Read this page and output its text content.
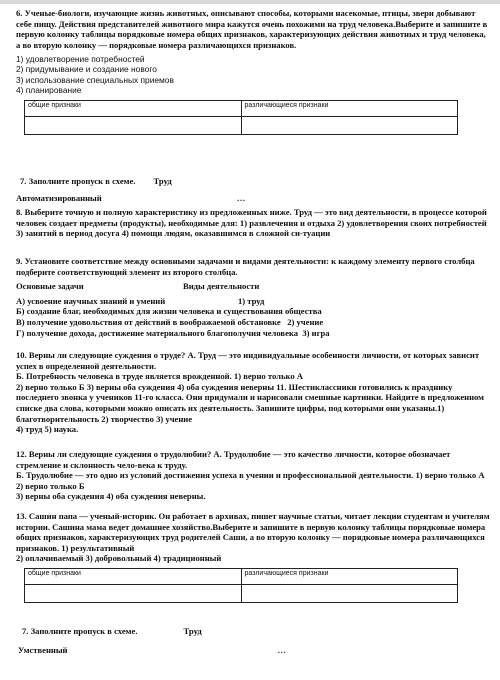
6. Ученые-биологи, изучающие жизнь животных, описывают способы, которыми насекомые, птицы, звери добывают себе пищу. Действия представителей животного мира кажутся очень похожими на труд человека.Выберите и запишите в первую колонку таблицы порядковые номера общих признаков, характеризующих действия животных и труд человека, а во вторую колонку — порядковые номера различающихся признаков.
1) удовлетворение потребностей
2) придумывание и создание нового
3) использование специальных приемов
4) планирование
общие признаки	различающиеся признаки

7. Заполните пропуск в схеме. Труд
Автоматизированный	…
8. Выберите точную и полную характеристику из предложенных ниже. Труд — это вид деятельности, в процессе которой человек создает предметы (продукты), необходимые для: 1) развлечения и отдыха 2) удовлетворения своих потребностей
3) занятий в период досуга 4) помощи людям, оказавшимся в сложной си-туации
9. Установите соответствие между основными задачами и видами деятельности: к каждому элементу первого столбца подберите соответствующий элемент из второго столбца.
Основные задачи	Виды деятельности
А) усвоение научных знаний и умений	1) труд
Б) создание благ, необходимых для жизни человека и существования общества
В) получение удовольствия от действий в воображаемой обстановке 2) учение
Г) получение дохода, достижение материального благополучия человека 3) игра
10. Верны ли следующие суждения о труде? А. Труд — это индивидуальные особенности личности, от которых зависит успех в определенной деятельности.
Б. Потребность человека в труде является врожденной. 1) верно только А
2) верно только Б 3) верны оба суждения 4) оба суждения неверны 11. Шестиклассники готовились к празднику последнего звонка у учеников 11-го класса. Они придумали и нарисовали смешные картинки. Найдите в предложенном списке два слова, которыми можно описать их деятельность. Запишите цифры, под которыми они указаны.1) благотворительность 2) творчество 3) учение
4) труд 5) наука.
12. Верны ли следующие суждения о трудолюбии? А. Трудолюбие — это качество личности, которое обозначает стремление и склонность чело-века к труду.
Б. Трудолюбие — это одно из условий достижения успеха в учении и профессиональной деятельности. 1) верно только А 2) верно только Б
3) верны оба суждения 4) оба суждения неверны.
13. Сашин папа — ученый-историк. Он работает в архивах, пишет научные статьи, читает лекции студентам и учителям истории. Сашина мама ведет домашнее хозяйство.Выберите и запишите в первую колонку таблицы порядковые номера общих признаков, характеризующих труд родителей Саши, а во вторую колонку — порядковые номера различающихся признаков. 1) результативный
2) оплачиваемый 3) добровольный 4) традиционный
общие признаки	различающиеся признаки

7. Заполните пропуск в схеме.	Труд
Умственный	…
